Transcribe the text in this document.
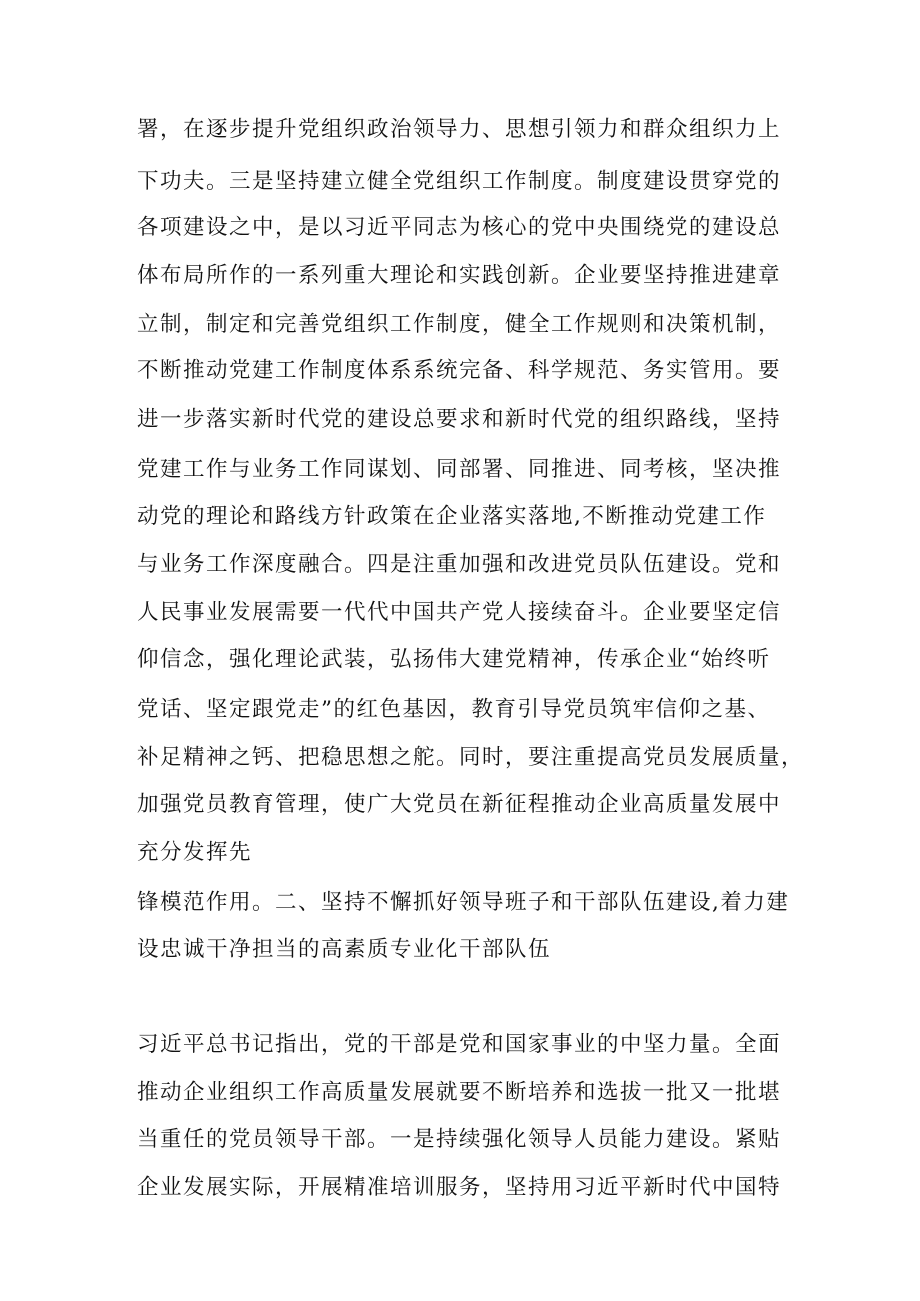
署，在逐步提升党组织政治领导力、思想引领力和群众组织力上
下功夫。三是坚持建立健全党组织工作制度。制度建设贯穿党的
各项建设之中，是以习近平同志为核心的党中央围绕党的建设总
体布局所作的一系列重大理论和实践创新。企业要坚持推进建章
立制，制定和完善党组织工作制度，健全工作规则和决策机制，
不断推动党建工作制度体系系统完备、科学规范、务实管用。要
进一步落实新时代党的建设总要求和新时代党的组织路线，坚持
党建工作与业务工作同谋划、同部署、同推进、同考核，坚决推
动党的理论和路线方针政策在企业落实落地,不断推动党建工作
与业务工作深度融合。四是注重加强和改进党员队伍建设。党和
人民事业发展需要一代代中国共产党人接续奋斗。企业要坚定信
仰信念，强化理论武装，弘扬伟大建党精神，传承企业“始终听
党话、坚定跟党走”的红色基因，教育引导党员筑牢信仰之基、
补足精神之钙、把稳思想之舵。同时，要注重提高党员发展质量，
加强党员教育管理，使广大党员在新征程推动企业高质量发展中
充分发挥先
锋模范作用。二、坚持不懈抓好领导班子和干部队伍建设,着力建
设忠诚干净担当的高素质专业化干部队伍
习近平总书记指出，党的干部是党和国家事业的中坚力量。全面
推动企业组织工作高质量发展就要不断培养和选拔一批又一批堪
当重任的党员领导干部。一是持续强化领导人员能力建设。紧贴
企业发展实际，开展精准培训服务，坚持用习近平新时代中国特
